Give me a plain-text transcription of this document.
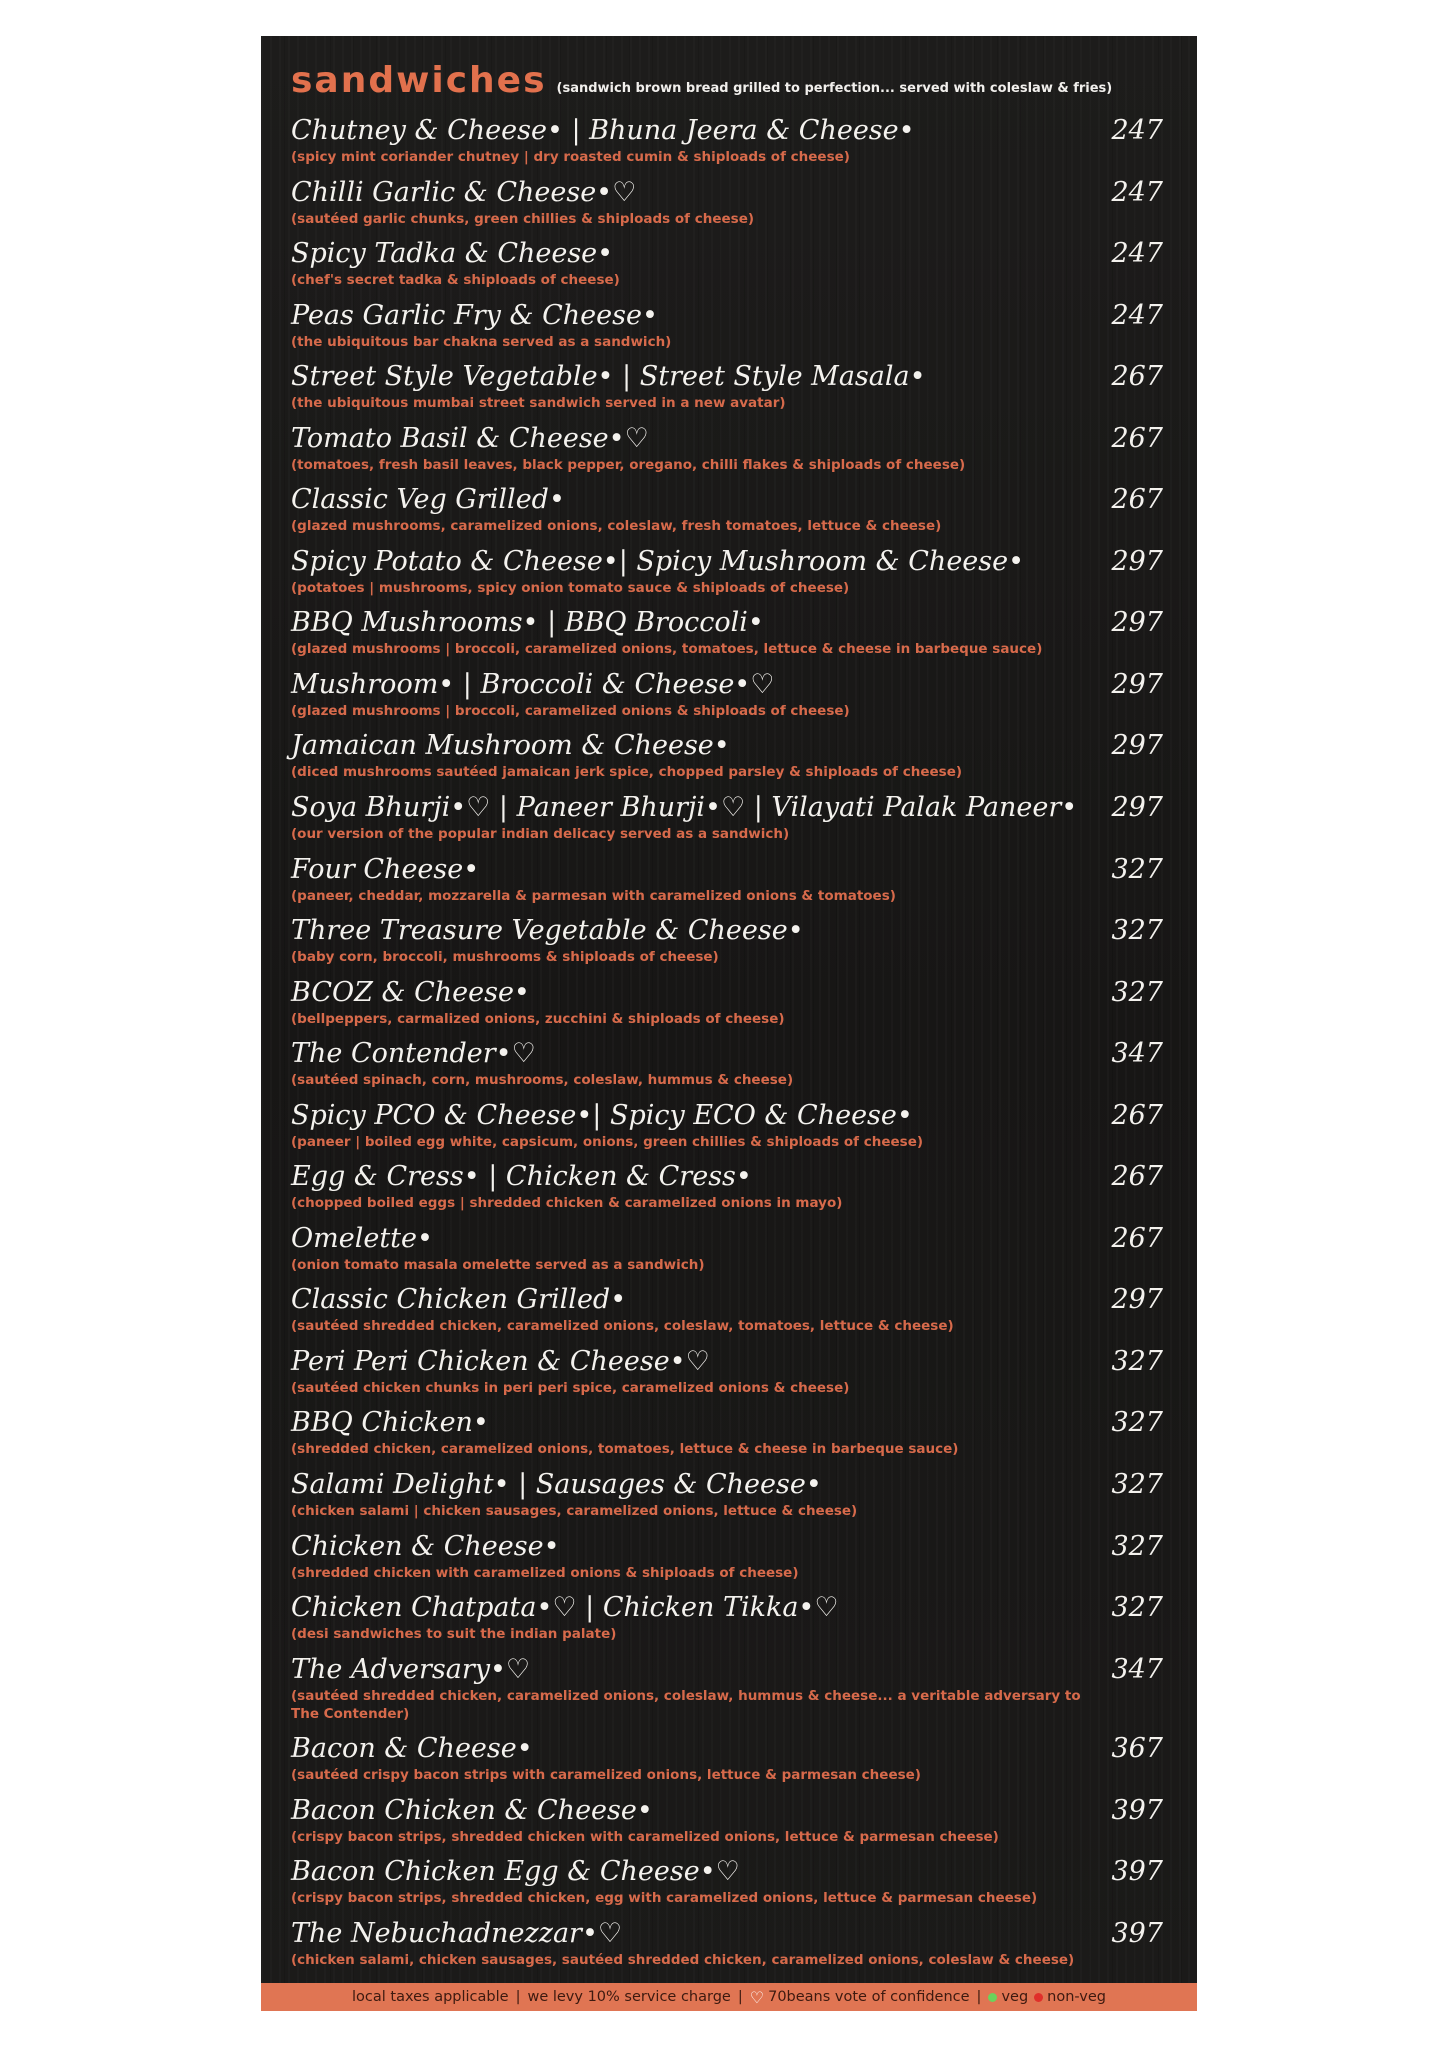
sandwiches (sandwich brown bread grilled to perfection... served with coleslaw & fries)
Chutney & Cheese• | Bhuna Jeera & Cheese•	247
(spicy mint coriander chutney | dry roasted cumin & shiploads of cheese)
Chilli Garlic & Cheese•♡	247
(sautéed garlic chunks, green chillies & shiploads of cheese)
Spicy Tadka & Cheese•	247
(chef's secret tadka & shiploads of cheese)
Peas Garlic Fry & Cheese•	247
(the ubiquitous bar chakna served as a sandwich)
Street Style Vegetable• | Street Style Masala•	267
(the ubiquitous mumbai street sandwich served in a new avatar)
Tomato Basil & Cheese•♡	267
(tomatoes, fresh basil leaves, black pepper, oregano, chilli flakes & shiploads of cheese)
Classic Veg Grilled•	267
(glazed mushrooms, caramelized onions, coleslaw, fresh tomatoes, lettuce & cheese)
Spicy Potato & Cheese•| Spicy Mushroom & Cheese•	297
(potatoes | mushrooms, spicy onion tomato sauce & shiploads of cheese)
BBQ Mushrooms• | BBQ Broccoli•	297
(glazed mushrooms | broccoli, caramelized onions, tomatoes, lettuce & cheese in barbeque sauce)
Mushroom• | Broccoli & Cheese•♡	297
(glazed mushrooms | broccoli, caramelized onions & shiploads of cheese)
Jamaican Mushroom & Cheese•	297
(diced mushrooms sautéed jamaican jerk spice, chopped parsley & shiploads of cheese)
Soya Bhurji•♡ | Paneer Bhurji•♡ | Vilayati Palak Paneer•	297
(our version of the popular indian delicacy served as a sandwich)
Four Cheese•	327
(paneer, cheddar, mozzarella & parmesan with caramelized onions & tomatoes)
Three Treasure Vegetable & Cheese•	327
(baby corn, broccoli, mushrooms & shiploads of cheese)
BCOZ & Cheese•	327
(bellpeppers, carmalized onions, zucchini & shiploads of cheese)
The Contender•♡	347
(sautéed spinach, corn, mushrooms, coleslaw, hummus & cheese)
Spicy PCO & Cheese•| Spicy ECO & Cheese•	267
(paneer | boiled egg white, capsicum, onions, green chillies & shiploads of cheese)
Egg & Cress• | Chicken & Cress•	267
(chopped boiled eggs | shredded chicken & caramelized onions in mayo)
Omelette•	267
(onion tomato masala omelette served as a sandwich)
Classic Chicken Grilled•	297
(sautéed shredded chicken, caramelized onions, coleslaw, tomatoes, lettuce & cheese)
Peri Peri Chicken & Cheese•♡	327
(sautéed chicken chunks in peri peri spice, caramelized onions & cheese)
BBQ Chicken•	327
(shredded chicken, caramelized onions, tomatoes, lettuce & cheese in barbeque sauce)
Salami Delight• | Sausages & Cheese•	327
(chicken salami | chicken sausages, caramelized onions, lettuce & cheese)
Chicken & Cheese•	327
(shredded chicken with caramelized onions & shiploads of cheese)
Chicken Chatpata•♡ | Chicken Tikka•♡	327
(desi sandwiches to suit the indian palate)
The Adversary•♡	347
(sautéed shredded chicken, caramelized onions, coleslaw, hummus & cheese... a veritable adversary to The Contender)
Bacon & Cheese•	367
(sautéed crispy bacon strips with caramelized onions, lettuce & parmesan cheese)
Bacon Chicken & Cheese•	397
(crispy bacon strips, shredded chicken with caramelized onions, lettuce & parmesan cheese)
Bacon Chicken Egg & Cheese•♡	397
(crispy bacon strips, shredded chicken, egg with caramelized onions, lettuce & parmesan cheese)
The Nebuchadnezzar•♡	397
(chicken salami, chicken sausages, sautéed shredded chicken, caramelized onions, coleslaw & cheese)
local taxes applicable | we levy 10% service charge | ♡ 70beans vote of confidence | veg non-veg
